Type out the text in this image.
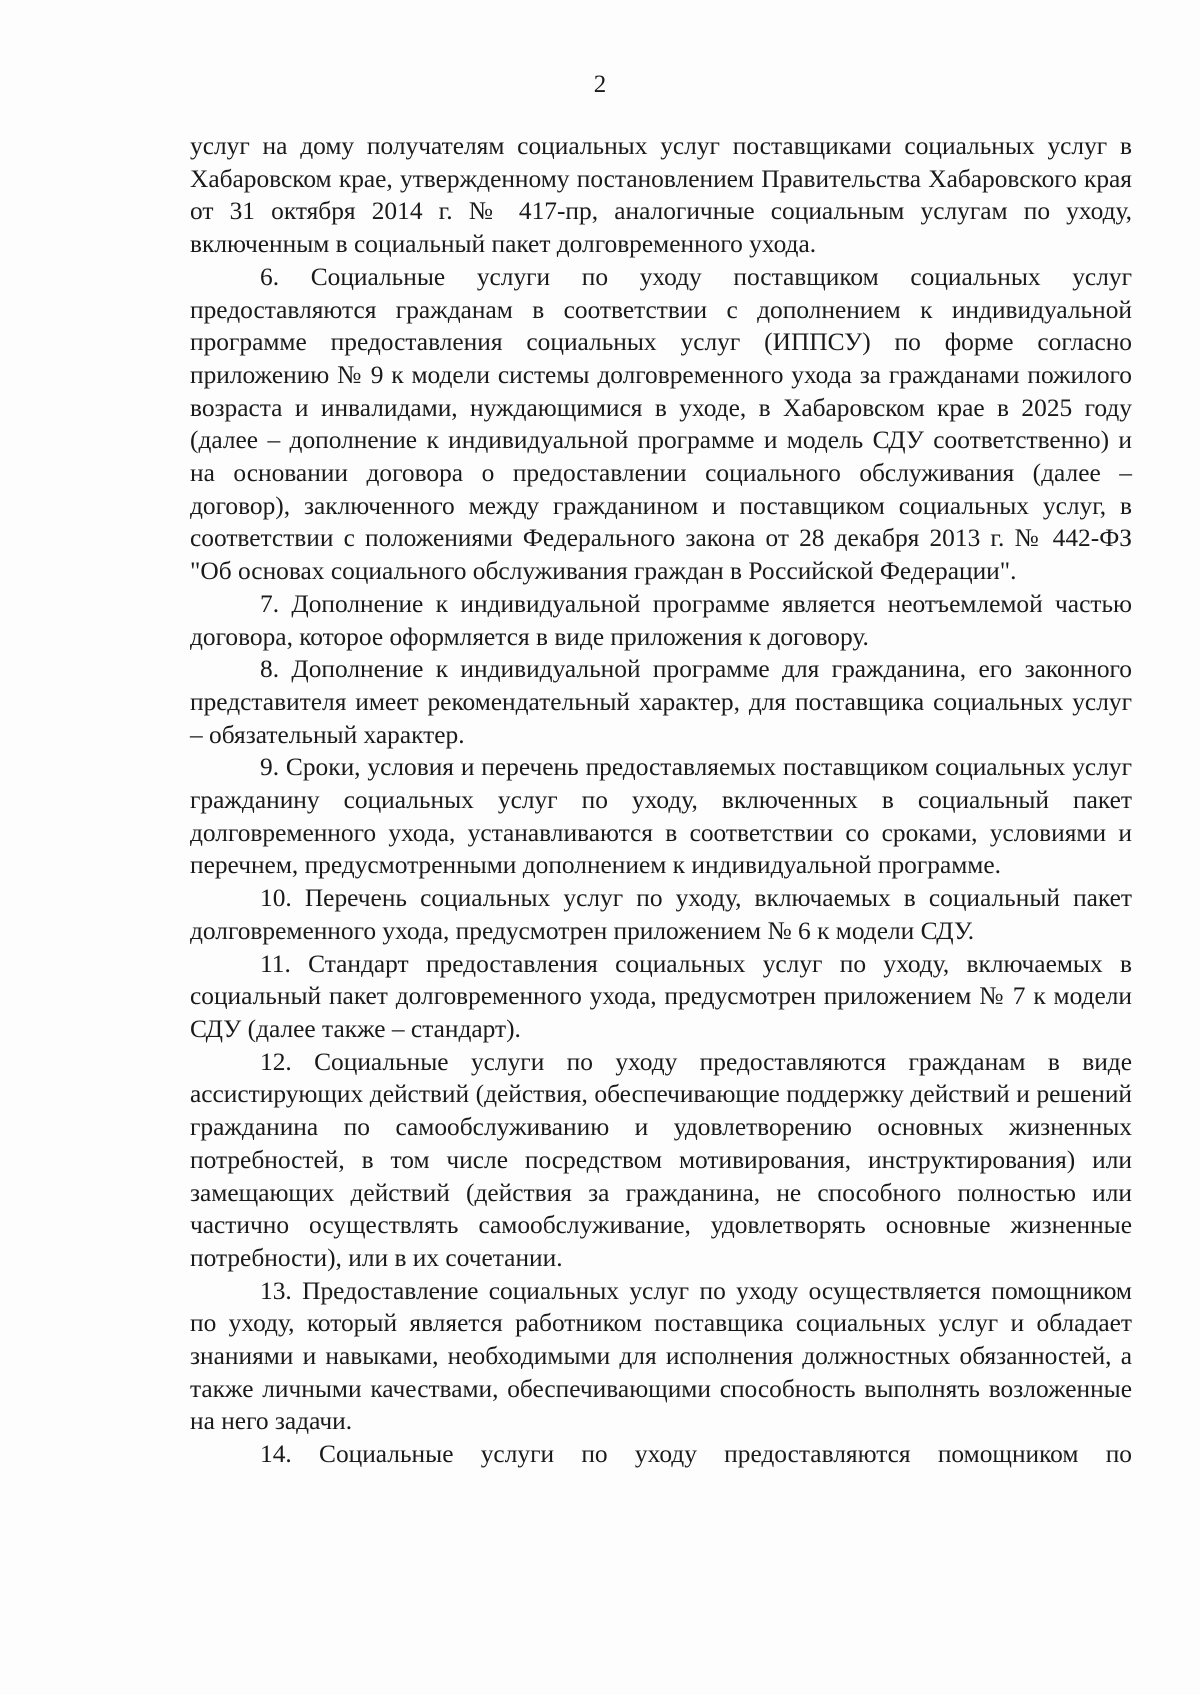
2

услуг на дому получателям социальных услуг поставщиками социальных услуг в Хабаровском крае, утвержденному постановлением Правительства Хабаровского края от 31 октября 2014 г. № 417-пр, аналогичные социальным услугам по уходу, включенным в социальный пакет долговременного ухода.

6. Социальные услуги по уходу поставщиком социальных услуг предоставляются гражданам в соответствии с дополнением к индивидуальной программе предоставления социальных услуг (ИППСУ) по форме согласно приложению № 9 к модели системы долговременного ухода за гражданами пожилого возраста и инвалидами, нуждающимися в уходе, в Хабаровском крае в 2025 году (далее – дополнение к индивидуальной программе и модель СДУ соответственно) и на основании договора о предоставлении социального обслуживания (далее – договор), заключенного между гражданином и поставщиком социальных услуг, в соответствии с положениями Федерального закона от 28 декабря 2013 г. № 442-ФЗ "Об основах социального обслуживания граждан в Российской Федерации".

7. Дополнение к индивидуальной программе является неотъемлемой частью договора, которое оформляется в виде приложения к договору.

8. Дополнение к индивидуальной программе для гражданина, его законного представителя имеет рекомендательный характер, для поставщика социальных услуг – обязательный характер.

9. Сроки, условия и перечень предоставляемых поставщиком социальных услуг гражданину социальных услуг по уходу, включенных в социальный пакет долговременного ухода, устанавливаются в соответствии со сроками, условиями и перечнем, предусмотренными дополнением к индивидуальной программе.

10. Перечень социальных услуг по уходу, включаемых в социальный пакет долговременного ухода, предусмотрен приложением № 6 к модели СДУ.

11. Стандарт предоставления социальных услуг по уходу, включаемых в социальный пакет долговременного ухода, предусмотрен приложением № 7 к модели СДУ (далее также – стандарт).

12. Социальные услуги по уходу предоставляются гражданам в виде ассистирующих действий (действия, обеспечивающие поддержку действий и решений гражданина по самообслуживанию и удовлетворению основных жизненных потребностей, в том числе посредством мотивирования, инструктирования) или замещающих действий (действия за гражданина, не способного полностью или частично осуществлять самообслуживание, удовлетворять основные жизненные потребности), или в их сочетании.

13. Предоставление социальных услуг по уходу осуществляется помощником по уходу, который является работником поставщика социальных услуг и обладает знаниями и навыками, необходимыми для исполнения должностных обязанностей, а также личными качествами, обеспечивающими способность выполнять возложенные на него задачи.

14. Социальные услуги по уходу предоставляются помощником по
